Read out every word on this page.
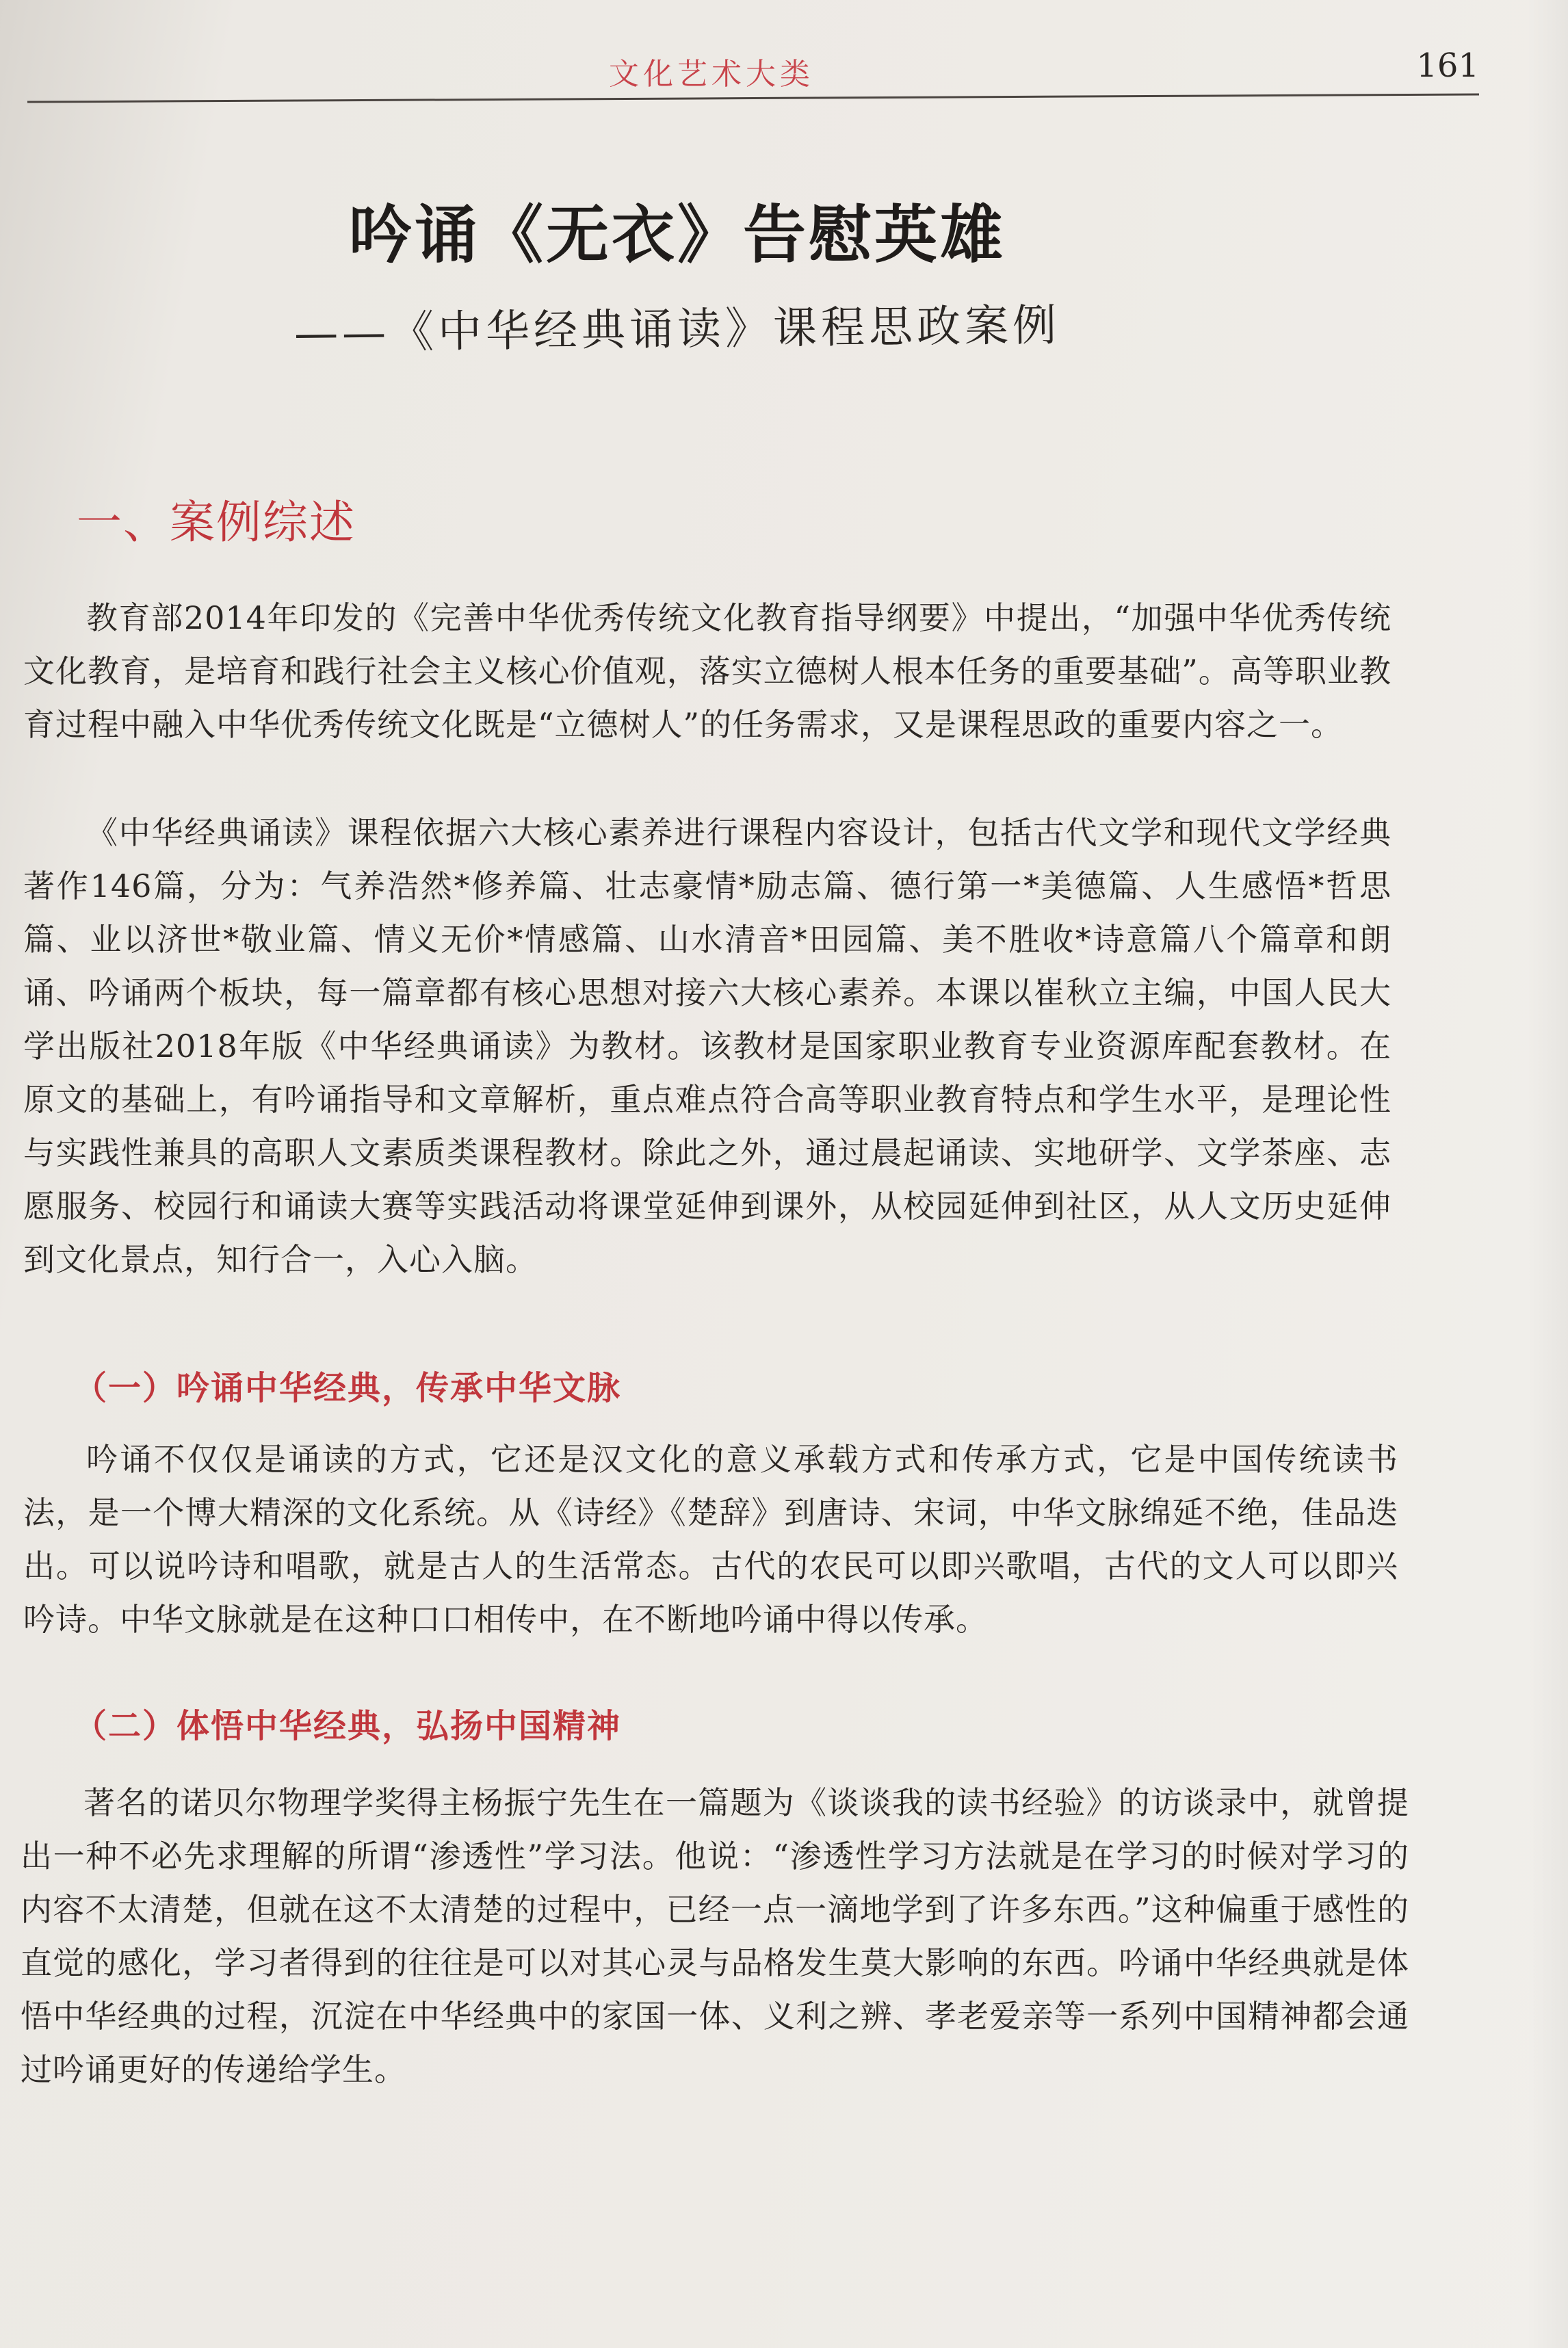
文化艺术大类	161
吟诵《无衣》告慰英雄
——《中华经典诵读》课程思政案例
一、案例综述

教育部2014年印发的《完善中华优秀传统文化教育指导纲要》中提出，“加强中华优秀传统文化教育，是培育和践行社会主义核心价值观，落实立德树人根本任务的重要基础”。高等职业教育过程中融入中华优秀传统文化既是“立德树人”的任务需求，又是课程思政的重要内容之一。

《中华经典诵读》课程依据六大核心素养进行课程内容设计，包括古代文学和现代文学经典著作146篇，分为：气养浩然*修养篇、壮志豪情*励志篇、德行第一*美德篇、人生感悟*哲思篇、业以济世*敬业篇、情义无价*情感篇、山水清音*田园篇、美不胜收*诗意篇八个篇章和朗诵、吟诵两个板块，每一篇章都有核心思想对接六大核心素养。本课以崔秋立主编，中国人民大学出版社2018年版《中华经典诵读》为教材。该教材是国家职业教育专业资源库配套教材。在原文的基础上，有吟诵指导和文章解析，重点难点符合高等职业教育特点和学生水平，是理论性与实践性兼具的高职人文素质类课程教材。除此之外，通过晨起诵读、实地研学、文学茶座、志愿服务、校园行和诵读大赛等实践活动将课堂延伸到课外，从校园延伸到社区，从人文历史延伸到文化景点，知行合一，入心入脑。

（一）吟诵中华经典，传承中华文脉

吟诵不仅仅是诵读的方式，它还是汉文化的意义承载方式和传承方式，它是中国传统读书法，是一个博大精深的文化系统。从《诗经》《楚辞》到唐诗、宋词，中华文脉绵延不绝，佳品迭出。可以说吟诗和唱歌，就是古人的生活常态。古代的农民可以即兴歌唱，古代的文人可以即兴吟诗。中华文脉就是在这种口口相传中，在不断地吟诵中得以传承。

（二）体悟中华经典，弘扬中国精神

著名的诺贝尔物理学奖得主杨振宁先生在一篇题为《谈谈我的读书经验》的访谈录中，就曾提出一种不必先求理解的所谓“渗透性”学习法。他说：“渗透性学习方法就是在学习的时候对学习的内容不太清楚，但就在这不太清楚的过程中，已经一点一滴地学到了许多东西。”这种偏重于感性的直觉的感化，学习者得到的往往是可以对其心灵与品格发生莫大影响的东西。吟诵中华经典就是体悟中华经典的过程，沉淀在中华经典中的家国一体、义利之辨、孝老爱亲等一系列中国精神都会通过吟诵更好的传递给学生。
